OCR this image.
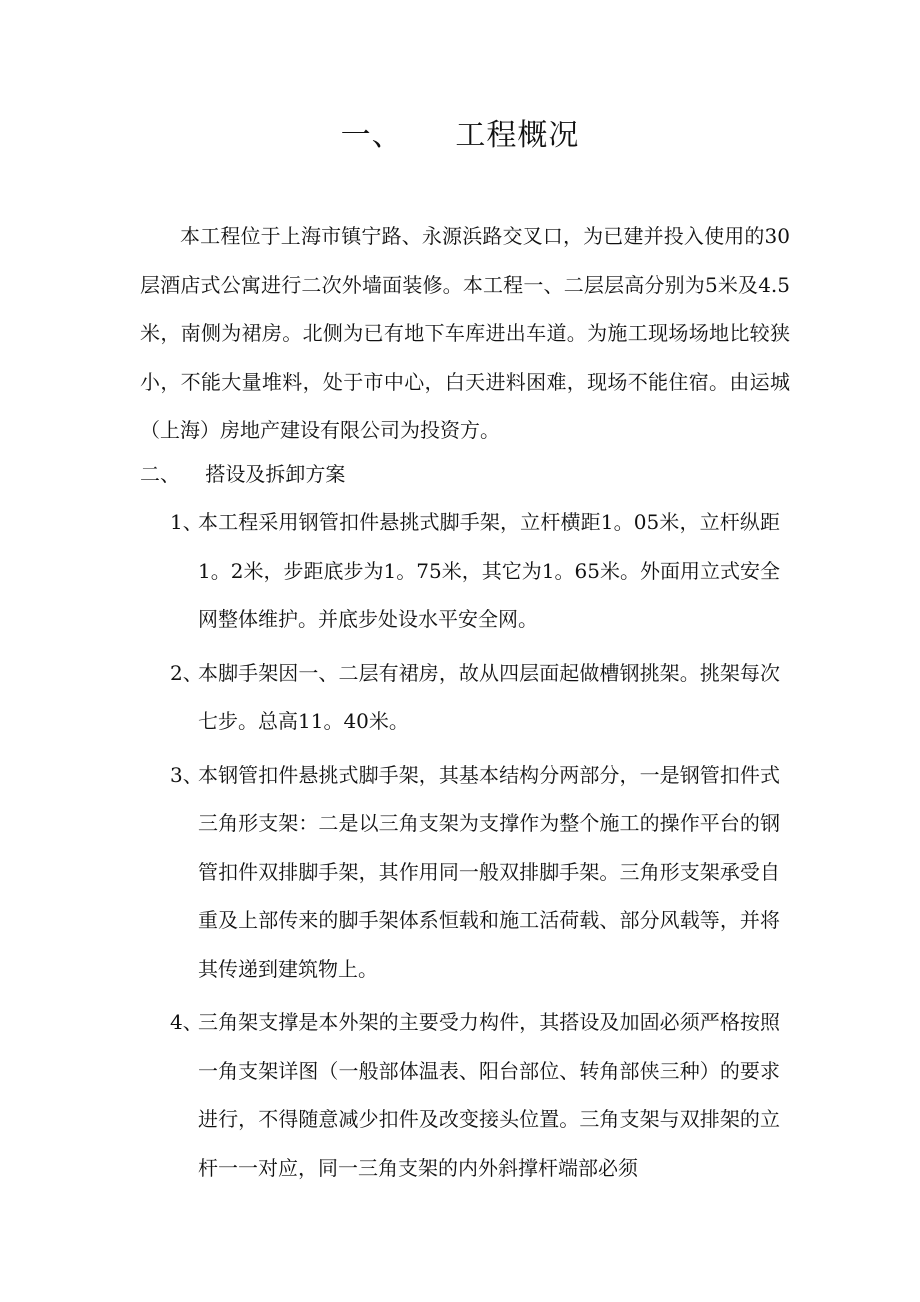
一、     工程概况
本工程位于上海市镇宁路、永源浜路交叉口，为已建并投入使用的30层酒店式公寓进行二次外墙面装修。本工程一、二层层高分别为5米及4.5米，南侧为裙房。北侧为已有地下车库进出车道。为施工现场场地比较狭小，不能大量堆料，处于市中心，白天进料困难，现场不能住宿。由运城（上海）房地产建设有限公司为投资方。
二、    搭设及拆卸方案
1、
本工程采用钢管扣件悬挑式脚手架，立杆横距1。05米，立杆纵距1。2米，步距底步为1。75米，其它为1。65米。外面用立式安全网整体维护。并底步处设水平安全网。
2、
本脚手架因一、二层有裙房，故从四层面起做槽钢挑架。挑架每次七步。总高11。40米。
3、
本钢管扣件悬挑式脚手架，其基本结构分两部分，一是钢管扣件式三角形支架：二是以三角支架为支撑作为整个施工的操作平台的钢管扣件双排脚手架，其作用同一般双排脚手架。三角形支架承受自重及上部传来的脚手架体系恒载和施工活荷载、部分风载等，并将其传递到建筑物上。
4、
三角架支撑是本外架的主要受力构件，其搭设及加固必须严格按照一角支架详图（一般部体温表、阳台部位、转角部侠三种）的要求进行，不得随意减少扣件及改变接头位置。三角支架与双排架的立杆一一对应，同一三角支架的内外斜撑杆端部必须
